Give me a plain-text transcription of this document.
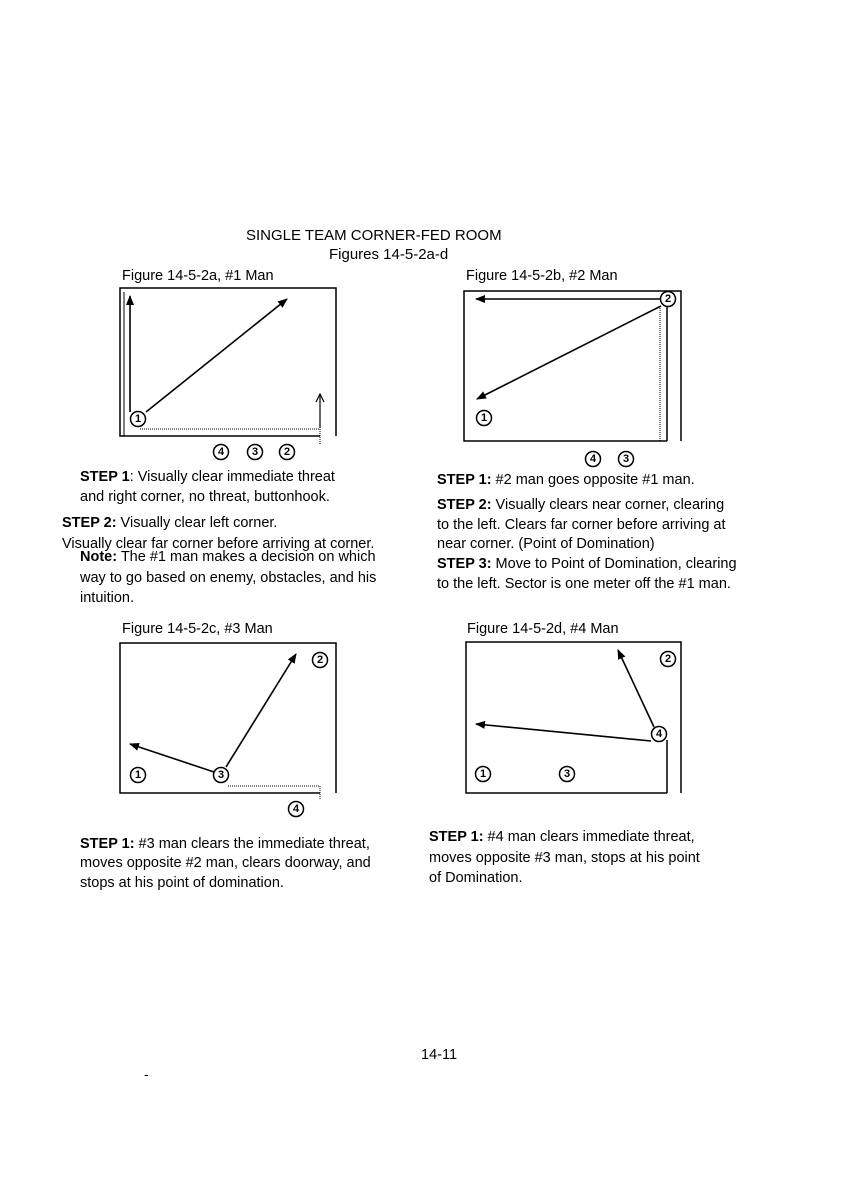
SINGLE TEAM CORNER-FED ROOM
Figures 14-5-2a-d
Figure 14-5-2a, #1 Man	Figure 14-5-2b, #2 Man
Figure 14-5-2c, #3 Man	Figure 14-5-2d, #4 Man
1
4	3	2
2
1
4	3
2
1	3
4
2
4
1	3
STEP 1: Visually clear immediate threat
and right corner, no threat, buttonhook.
STEP 2: Visually clear left corner.
Visually clear far corner before arriving at corner.
Note: The #1 man makes a decision on which
way to go based on enemy, obstacles, and his
intuition.
STEP 1: #2 man goes opposite #1 man.
STEP 2: Visually clears near corner, clearing
to the left. Clears far corner before arriving at
near corner. (Point of Domination)
STEP 3: Move to Point of Domination, clearing
to the left. Sector is one meter off the #1 man.
STEP 1: #3 man clears the immediate threat,
moves opposite #2 man, clears doorway, and
stops at his point of domination.
STEP 1: #4 man clears immediate threat,
moves opposite #3 man, stops at his point
of Domination.
14-11
-
